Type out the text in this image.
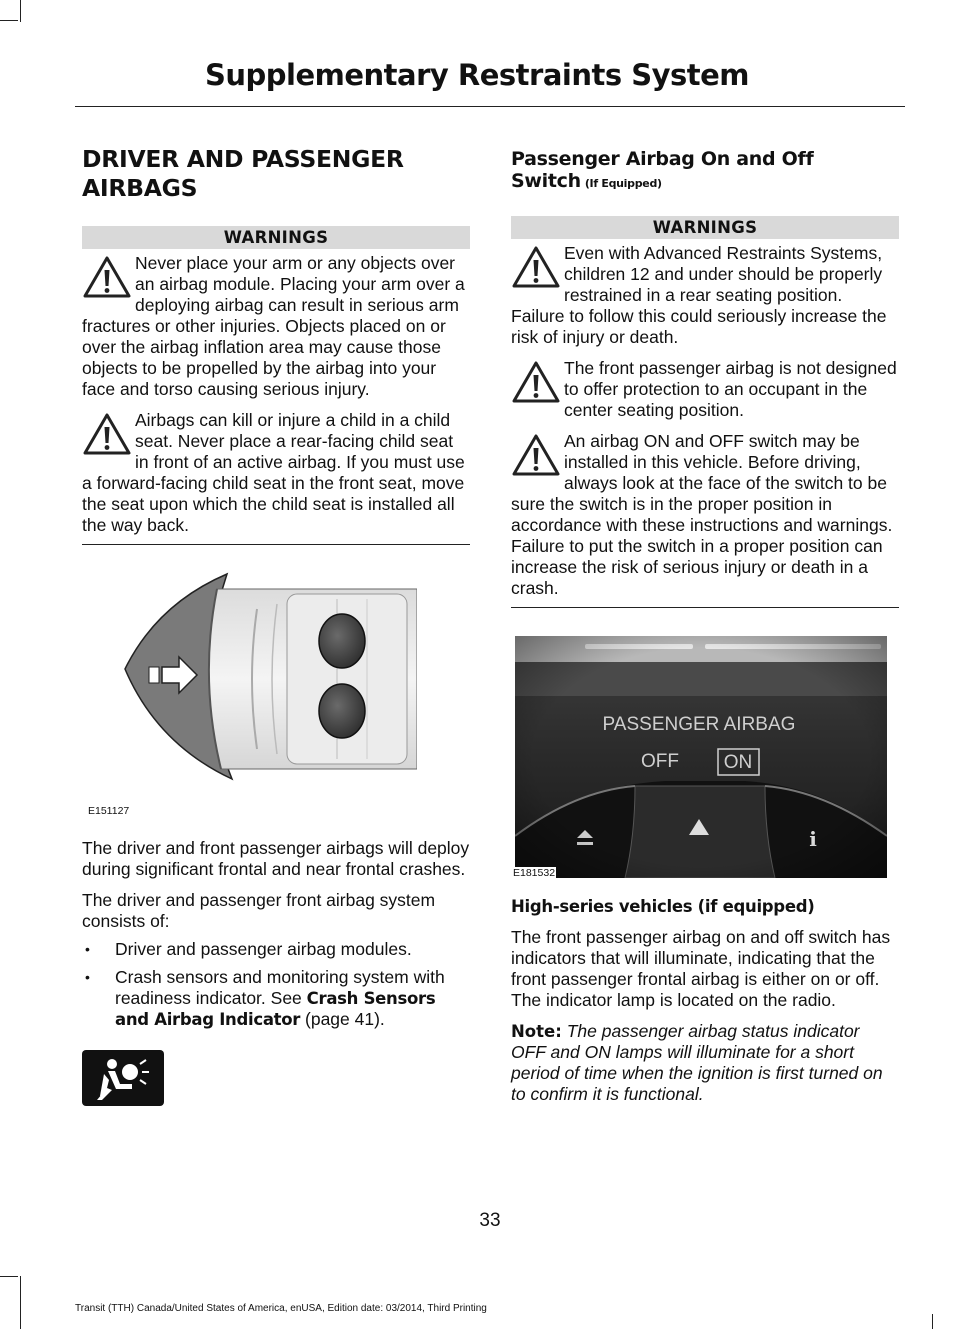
Supplementary Restraints System
DRIVER AND PASSENGER AIRBAGS
WARNINGS

Never place your arm or any objects over an airbag module. Placing your arm over a deploying airbag can result in serious arm fractures or other injuries. Objects placed on or over the airbag inflation area may cause those objects to be propelled by the airbag into your face and torso causing serious injury.

Airbags can kill or injure a child in a child seat. Never place a rear-facing child seat in front of an active airbag. If you must use a forward-facing child seat in the front seat, move the seat upon which the child seat is installed all the way back.

E151127

The driver and front passenger airbags will deploy during significant frontal and near frontal crashes.

The driver and passenger front airbag system consists of:

• Driver and passenger airbag modules.
• Crash sensors and monitoring system with readiness indicator. See Crash Sensors and Airbag Indicator (page 41).
Passenger Airbag On and Off Switch (If Equipped)
WARNINGS

Even with Advanced Restraints Systems, children 12 and under should be properly restrained in a rear seating position. Failure to follow this could seriously increase the risk of injury or death.

The front passenger airbag is not designed to offer protection to an occupant in the center seating position.

An airbag ON and OFF switch may be installed in this vehicle. Before driving, always look at the face of the switch to be sure the switch is in the proper position in accordance with these instructions and warnings. Failure to put the switch in a proper position can increase the risk of serious injury or death in a crash.

E181532
High-series vehicles (if equipped)

The front passenger airbag on and off switch has indicators that will illuminate, indicating that the front passenger frontal airbag is either on or off. The indicator lamp is located on the radio.

Note: The passenger airbag status indicator OFF and ON lamps will illuminate for a short period of time when the ignition is first turned on to confirm it is functional.

33
Transit (TTH) Canada/United States of America, enUSA, Edition date: 03/2014, Third Printing
